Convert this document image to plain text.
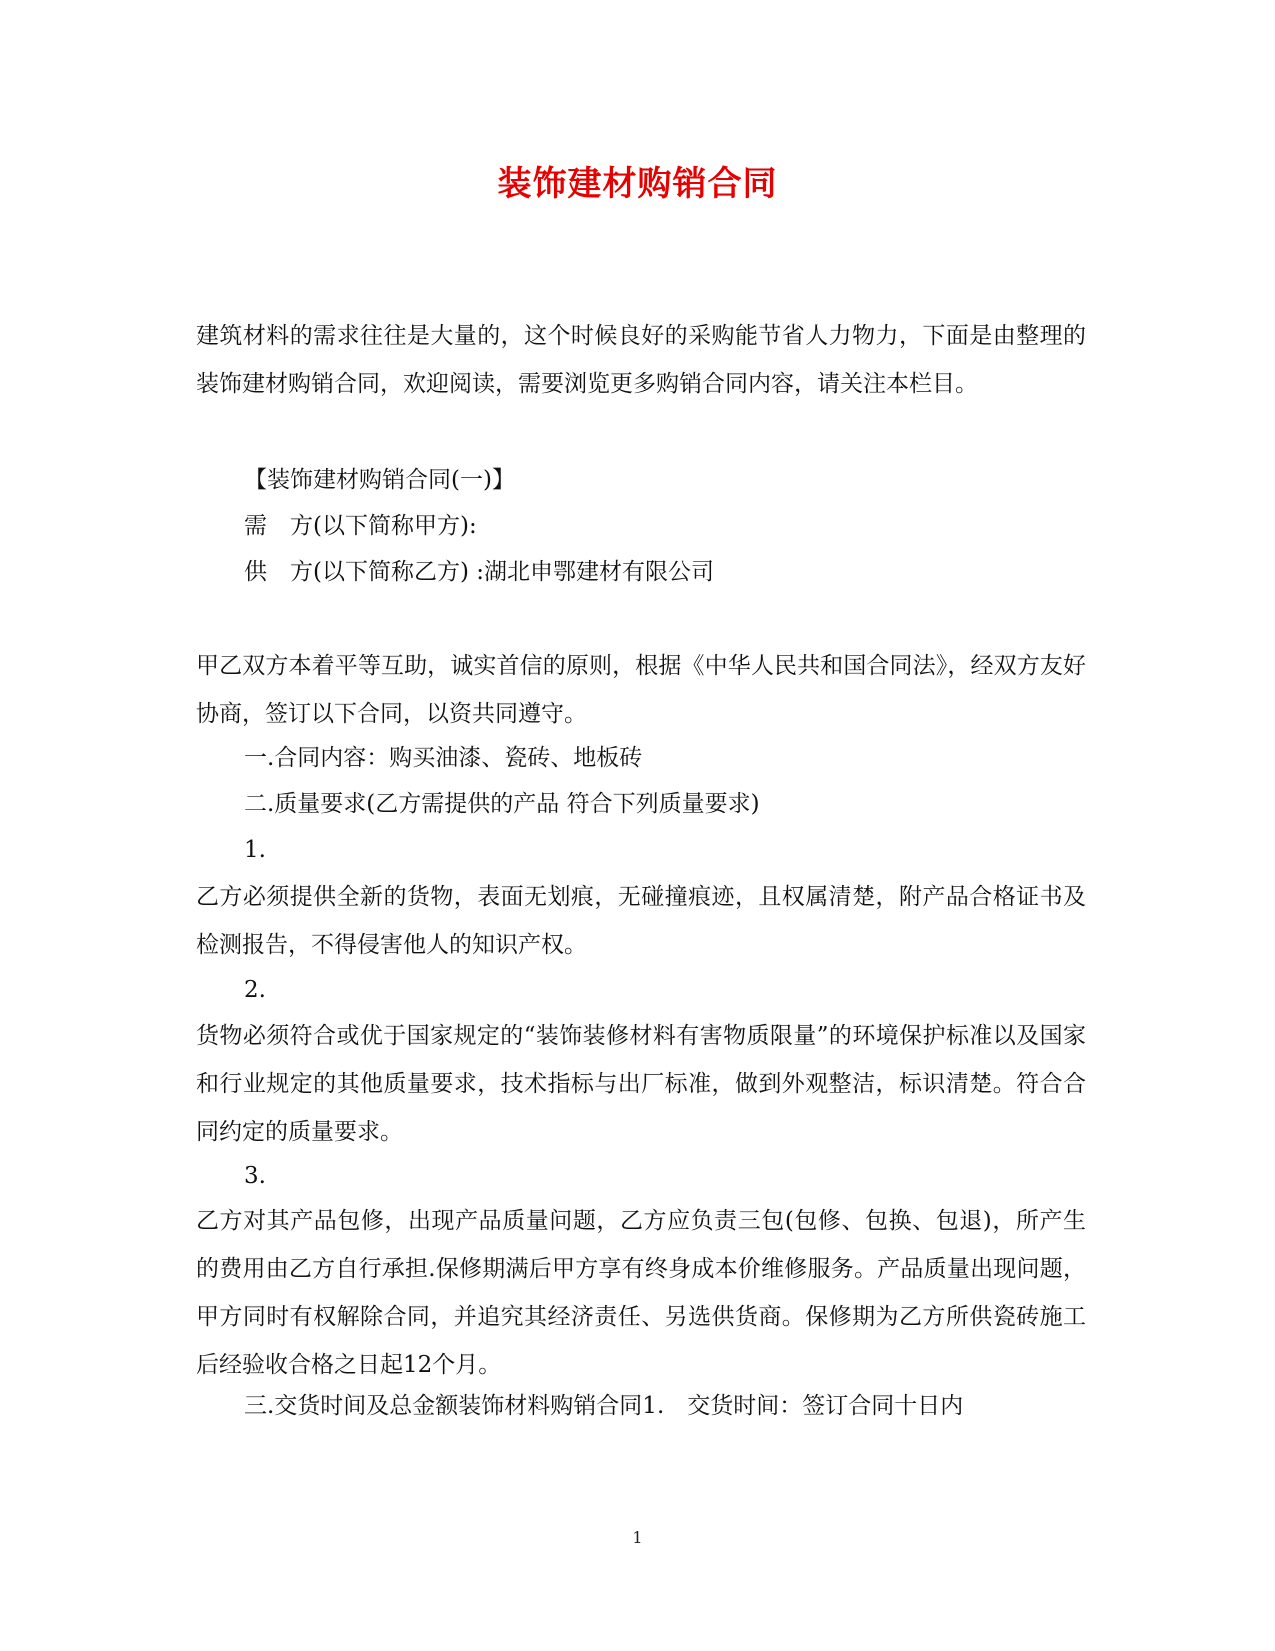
装饰建材购销合同

建筑材料的需求往往是大量的，这个时候良好的采购能节省人力物力，下面是由整理的装饰建材购销合同，欢迎阅读，需要浏览更多购销合同内容，请关注本栏目。

【装饰建材购销合同(一)】

需　方(以下简称甲方):

供　方(以下简称乙方) :湖北申鄂建材有限公司

甲乙双方本着平等互助，诚实首信的原则，根据《中华人民共和国合同法》，经双方友好协商，签订以下合同，以资共同遵守。

一.合同内容：购买油漆、瓷砖、地板砖

二.质量要求(乙方需提供的产品 符合下列质量要求)

1.

乙方必须提供全新的货物，表面无划痕，无碰撞痕迹，且权属清楚，附产品合格证书及检测报告，不得侵害他人的知识产权。

2.

货物必须符合或优于国家规定的“装饰装修材料有害物质限量”的环境保护标准以及国家和行业规定的其他质量要求，技术指标与出厂标准，做到外观整洁，标识清楚。符合合同约定的质量要求。

3.

乙方对其产品包修，出现产品质量问题，乙方应负责三包(包修、包换、包退)，所产生的费用由乙方自行承担.保修期满后甲方享有终身成本价维修服务。产品质量出现问题，甲方同时有权解除合同，并追究其经济责任、另选供货商。保修期为乙方所供瓷砖施工后经验收合格之日起12个月。

三.交货时间及总金额装饰材料购销合同1.　交货时间：签订合同十日内

1
